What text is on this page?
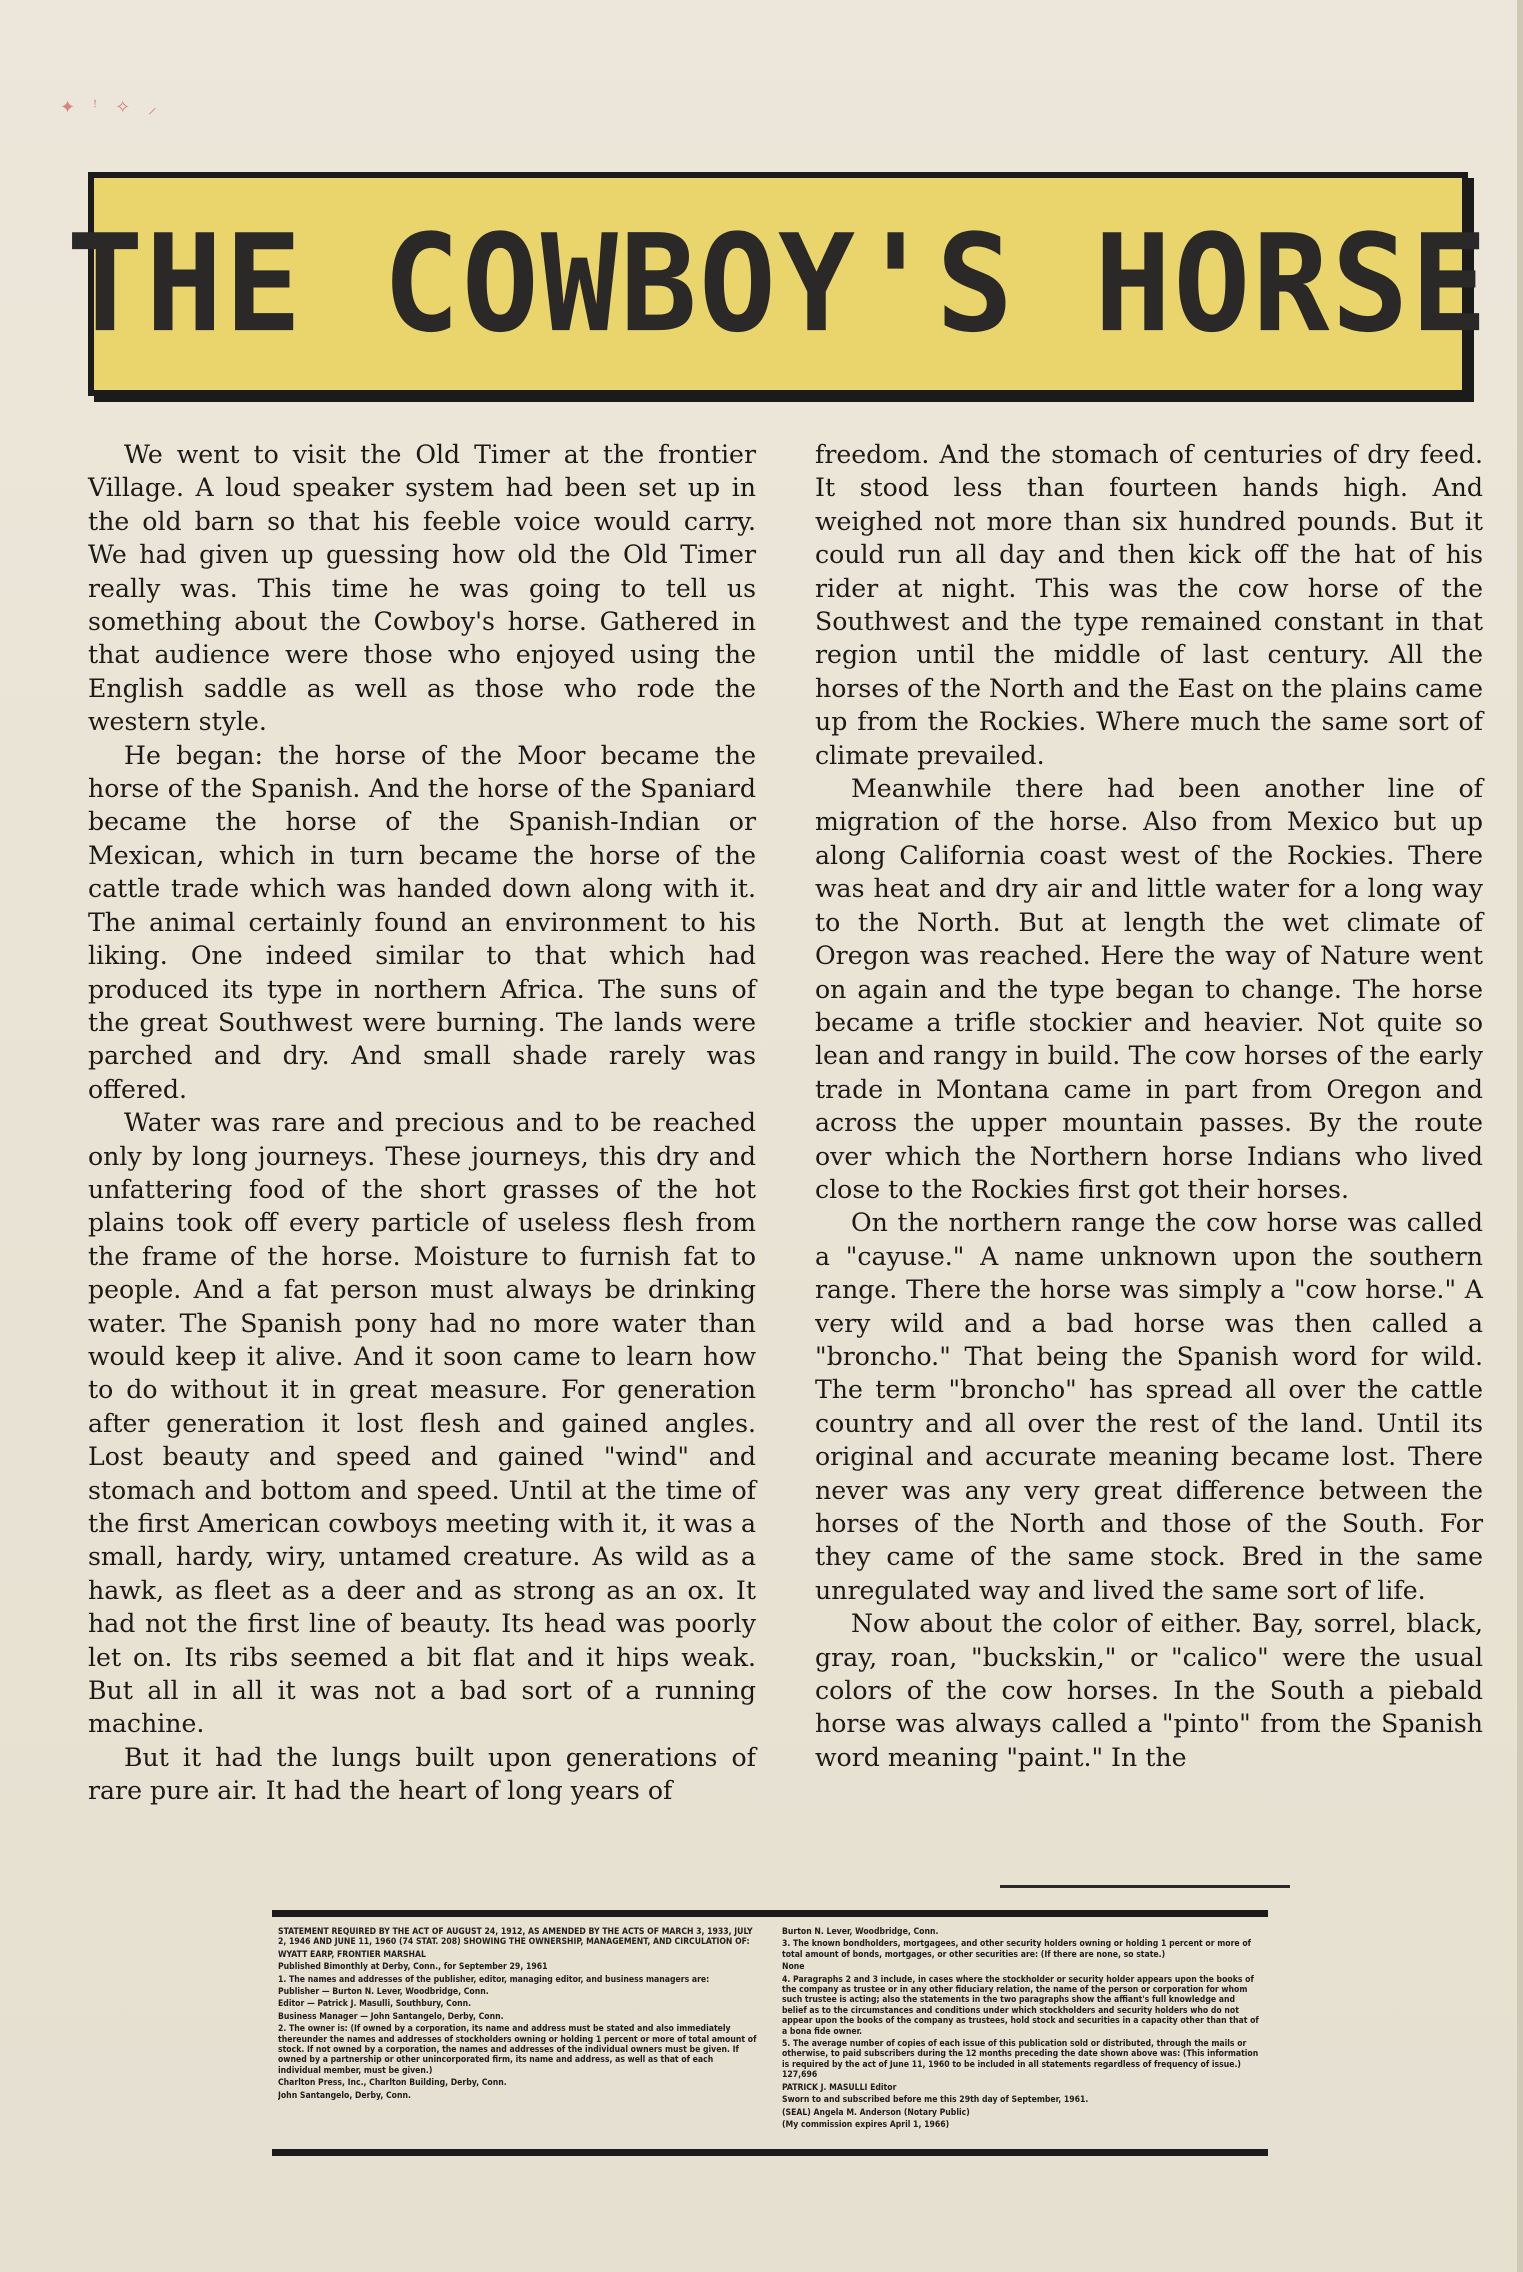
✦ ꜝ ✧ ⸝
THE COWBOY'S HORSE

We went to visit the Old Timer at the frontier Village. A loud speaker system had been set up in the old barn so that his feeble voice would carry. We had given up guessing how old the Old Timer really was. This time he was going to tell us something about the Cowboy's horse. Gathered in that audience were those who enjoyed using the English saddle as well as those who rode the western style.

He began: the horse of the Moor became the horse of the Spanish. And the horse of the Spaniard became the horse of the Spanish-Indian or Mexican, which in turn became the horse of the cattle trade which was handed down along with it. The animal certainly found an environment to his liking. One indeed similar to that which had produced its type in northern Africa. The suns of the great Southwest were burning. The lands were parched and dry. And small shade rarely was offered.

Water was rare and precious and to be reached only by long journeys. These journeys, this dry and unfattering food of the short grasses of the hot plains took off every particle of useless flesh from the frame of the horse. Moisture to furnish fat to people. And a fat person must always be drinking water. The Spanish pony had no more water than would keep it alive. And it soon came to learn how to do without it in great measure. For generation after generation it lost flesh and gained angles. Lost beauty and speed and gained "wind" and stomach and bottom and speed. Until at the time of the first American cowboys meeting with it, it was a small, hardy, wiry, untamed creature. As wild as a hawk, as fleet as a deer and as strong as an ox. It had not the first line of beauty. Its head was poorly let on. Its ribs seemed a bit flat and it hips weak. But all in all it was not a bad sort of a running machine.

But it had the lungs built upon generations of rare pure air. It had the heart of long years of

freedom. And the stomach of centuries of dry feed. It stood less than fourteen hands high. And weighed not more than six hundred pounds. But it could run all day and then kick off the hat of his rider at night. This was the cow horse of the Southwest and the type remained constant in that region until the middle of last century. All the horses of the North and the East on the plains came up from the Rockies. Where much the same sort of climate prevailed.

Meanwhile there had been another line of migration of the horse. Also from Mexico but up along California coast west of the Rockies. There was heat and dry air and little water for a long way to the North. But at length the wet climate of Oregon was reached. Here the way of Nature went on again and the type began to change. The horse became a trifle stockier and heavier. Not quite so lean and rangy in build. The cow horses of the early trade in Montana came in part from Oregon and across the upper mountain passes. By the route over which the Northern horse Indians who lived close to the Rockies first got their horses.

On the northern range the cow horse was called a "cayuse." A name unknown upon the southern range. There the horse was simply a "cow horse." A very wild and a bad horse was then called a "broncho." That being the Spanish word for wild. The term "broncho" has spread all over the cattle country and all over the rest of the land. Until its original and accurate meaning became lost. There never was any very great difference between the horses of the North and those of the South. For they came of the same stock. Bred in the same unregulated way and lived the same sort of life.

Now about the color of either. Bay, sorrel, black, gray, roan, "buckskin," or "calico" were the usual colors of the cow horses. In the South a piebald horse was always called a "pinto" from the Spanish word meaning "paint." In the

STATEMENT REQUIRED BY THE ACT OF AUGUST 24, 1912, AS AMENDED BY THE ACTS OF MARCH 3, 1933, JULY 2, 1946 AND JUNE 11, 1960 (74 STAT. 208) SHOWING THE OWNERSHIP, MANAGEMENT, AND CIRCULATION OF:

WYATT EARP, FRONTIER MARSHAL

Published Bimonthly at Derby, Conn., for September 29, 1961

1. The names and addresses of the publisher, editor, managing editor, and business managers are:

Publisher — Burton N. Lever, Woodbridge, Conn.

Editor — Patrick J. Masulli, Southbury, Conn.

Business Manager — John Santangelo, Derby, Conn.

2. The owner is: (If owned by a corporation, its name and address must be stated and also immediately thereunder the names and addresses of stockholders owning or holding 1 percent or more of total amount of stock. If not owned by a corporation, the names and addresses of the individual owners must be given. If owned by a partnership or other unincorporated firm, its name and address, as well as that of each individual member, must be given.)

Charlton Press, Inc., Charlton Building, Derby, Conn.

John Santangelo, Derby, Conn.

Burton N. Lever, Woodbridge, Conn.

3. The known bondholders, mortgagees, and other security holders owning or holding 1 percent or more of total amount of bonds, mortgages, or other securities are: (If there are none, so state.)

None

4. Paragraphs 2 and 3 include, in cases where the stockholder or security holder appears upon the books of the company as trustee or in any other fiduciary relation, the name of the person or corporation for whom such trustee is acting; also the statements in the two paragraphs show the affiant's full knowledge and belief as to the circumstances and conditions under which stockholders and security holders who do not appear upon the books of the company as trustees, hold stock and securities in a capacity other than that of a bona fide owner.

5. The average number of copies of each issue of this publication sold or distributed, through the mails or otherwise, to paid subscribers during the 12 months preceding the date shown above was: (This information is required by the act of June 11, 1960 to be included in all statements regardless of frequency of issue.) 127,696

PATRICK J. MASULLI Editor

Sworn to and subscribed before me this 29th day of September, 1961.

(SEAL) Angela M. Anderson (Notary Public)

(My commission expires April 1, 1966)
